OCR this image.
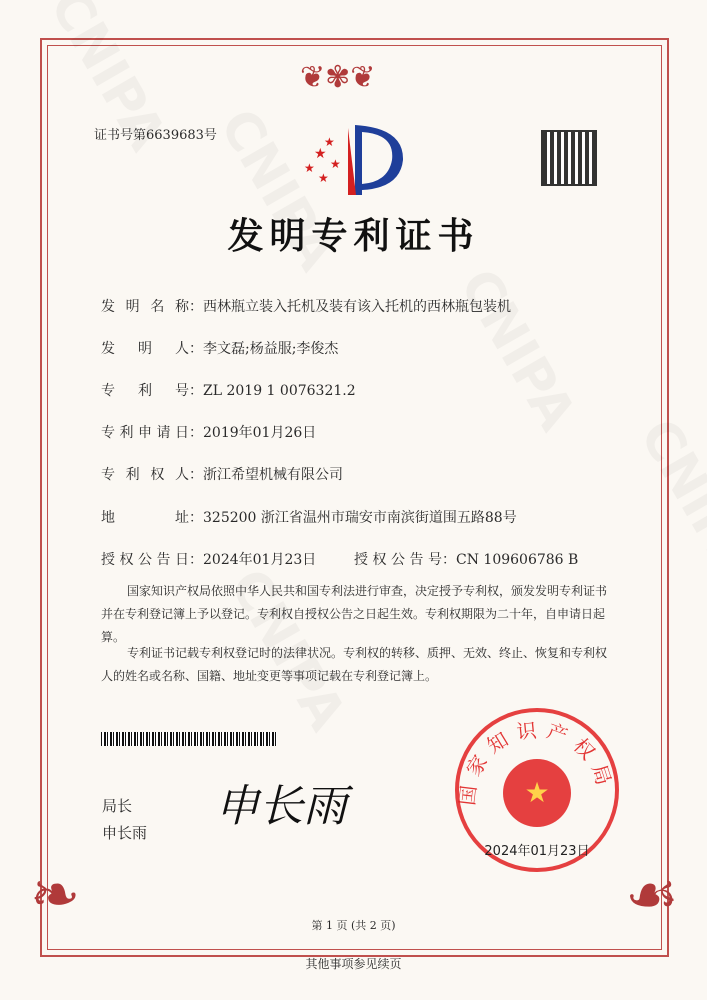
❦✾❦
❧	☙
证书号第6639683号
★
★
★
★
★
发明专利证书
发明名称：西林瓶立装入托机及装有该入托机的西林瓶包装机
发明人：李文磊;杨益服;李俊杰
专利号：ZL 2019 1 0076321.2
专利申请日：2019年01月26日
专利权人：浙江希望机械有限公司
地址：325200 浙江省温州市瑞安市南滨街道围五路88号
授权公告日：2024年01月23日	授权公告号：CN 109606786 B
国家知识产权局依照中华人民共和国专利法进行审查，决定授予专利权，颁发发明专利证书并在专利登记簿上予以登记。专利权自授权公告之日起生效。专利权期限为二十年，自申请日起算。
专利证书记载专利权登记时的法律状况。专利权的转移、质押、无效、终止、恢复和专利权人的姓名或名称、国籍、地址变更等事项记载在专利登记簿上。
局长
申长雨
申长雨	★
国家知识产权局
2024年01月23日
第 1 页 (共 2 页)
其他事项参见续页
